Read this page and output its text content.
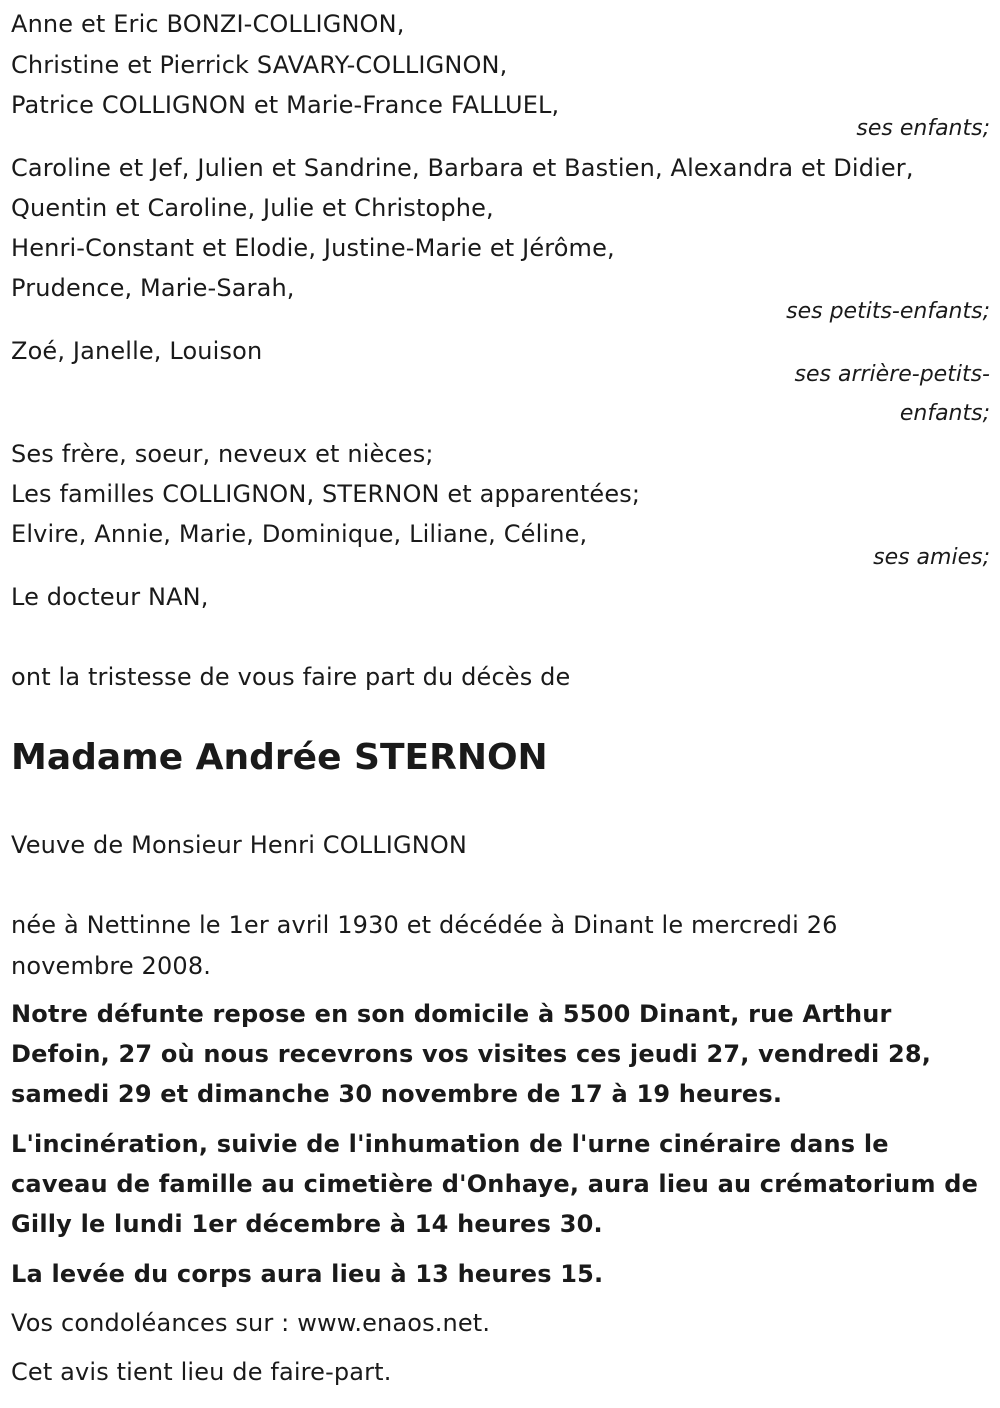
Anne et Eric BONZI-COLLIGNON,
Christine et Pierrick SAVARY-COLLIGNON,
Patrice COLLIGNON et Marie-France FALLUEL,
ses enfants;
Caroline et Jef, Julien et Sandrine, Barbara et Bastien, Alexandra et Didier,
Quentin et Caroline, Julie et Christophe,
Henri-Constant et Elodie, Justine-Marie et Jérôme,
Prudence, Marie-Sarah,
ses petits-enfants;
Zoé, Janelle, Louison
ses arrière-petits-
enfants;
Ses frère, soeur, neveux et nièces;
Les familles COLLIGNON, STERNON et apparentées;
Elvire, Annie, Marie, Dominique, Liliane, Céline,
ses amies;
Le docteur NAN,
ont la tristesse de vous faire part du décès de
Madame Andrée STERNON
Veuve de Monsieur Henri COLLIGNON
née à Nettinne le 1er avril 1930 et décédée à Dinant le mercredi 26
novembre 2008.
Notre défunte repose en son domicile à 5500 Dinant, rue Arthur
Defoin, 27 où nous recevrons vos visites ces jeudi 27, vendredi 28,
samedi 29 et dimanche 30 novembre de 17 à 19 heures.
L'incinération, suivie de l'inhumation de l'urne cinéraire dans le
caveau de famille au cimetière d'Onhaye, aura lieu au crématorium de
Gilly le lundi 1er décembre à 14 heures 30.
La levée du corps aura lieu à 13 heures 15.
Vos condoléances sur : www.enaos.net.
Cet avis tient lieu de faire-part.
